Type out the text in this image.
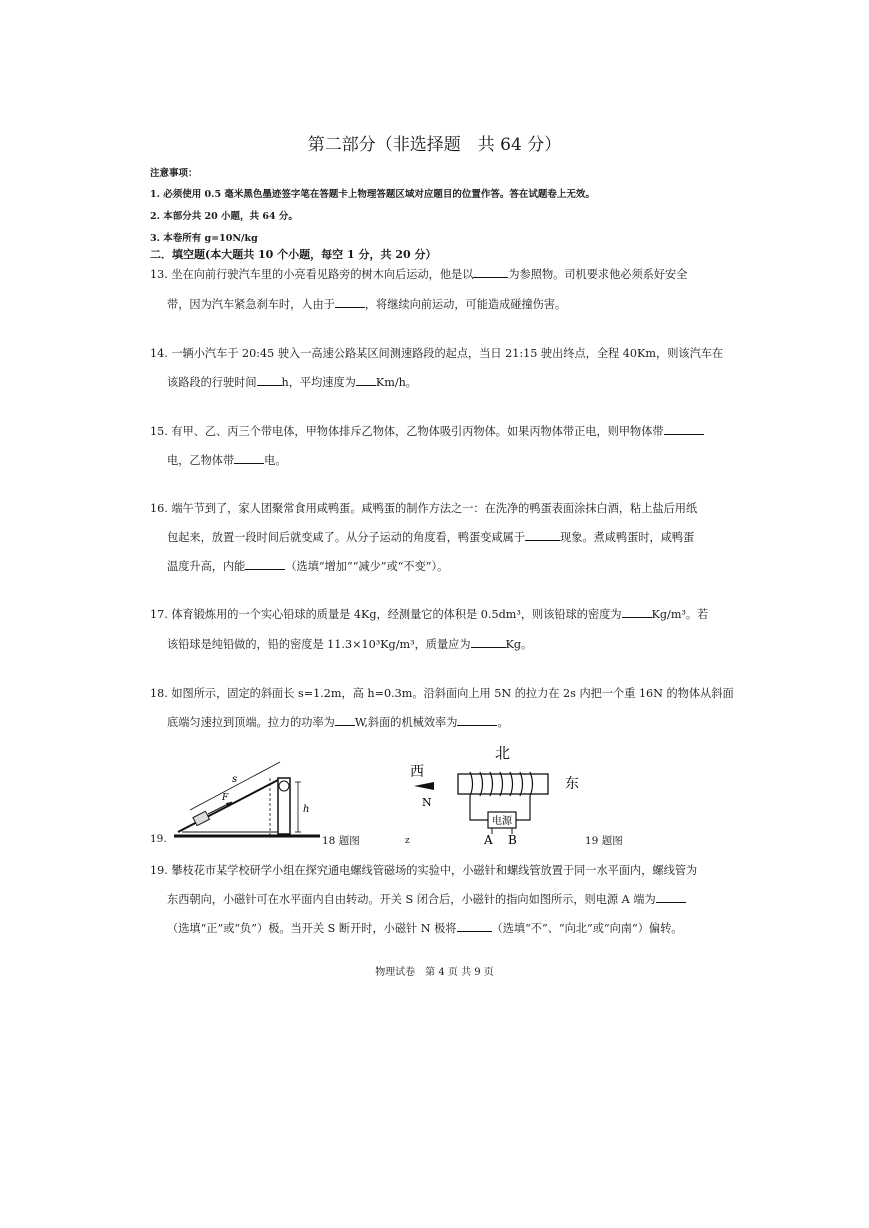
第二部分（非选择题　共 64 分）
注意事项：
1. 必须使用 0.5 毫米黑色墨迹签字笔在答题卡上物理答题区域对应题目的位置作答。答在试题卷上无效。
2. 本部分共 20 小题，共 64 分。
3. 本卷所有 g=10N/kg
二．填空题(本大题共 10 个小题，每空 1 分，共 20 分）
13. 坐在向前行驶汽车里的小亮看见路旁的树木向后运动，他是以	为参照物。司机要求他必须系好安全
带，因为汽车紧急刹车时，人由于	，将继续向前运动，可能造成碰撞伤害。
14. 一辆小汽车于 20:45 驶入一高速公路某区间测速路段的起点，当日 21:15 驶出终点，全程 40Km，则该汽车在
该路段的行驶时间 h，平均速度为 Km/h。
15. 有甲、乙、丙三个带电体，甲物体排斥乙物体，乙物体吸引丙物体。如果丙物体带正电，则甲物体带
电，乙物体带	电。
16. 端午节到了，家人团聚常食用咸鸭蛋。咸鸭蛋的制作方法之一：在洗净的鸭蛋表面涂抹白酒，粘上盐后用纸
包起来，放置一段时间后就变咸了。从分子运动的角度看，鸭蛋变咸属于	现象。煮咸鸭蛋时，咸鸭蛋
温度升高，内能	（选填“增加”“减少”或“不变”）。
17. 体育锻炼用的一个实心铅球的质量是 4Kg，经测量它的体积是 0.5dm³，则该铅球的密度为	Kg/m³。若
该铅球是纯铅做的，铅的密度是 11.3×10³Kg/m³，质量应为	Kg。
18. 如图所示，固定的斜面长 s=1.2m，高 h=0.3m。沿斜面向上用 5N 的拉力在 2s 内把一个重 16N 的物体从斜面
底端匀速拉到顶端。拉力的功率为 W,斜面的机械效率为	。
h
s
F
19.	18 题图	z
北
西
东
N
电源
A B	19 题图
19. 攀枝花市某学校研学小组在探究通电螺线管磁场的实验中，小磁针和螺线管放置于同一水平面内，螺线管为
东西朝向，小磁针可在水平面内自由转动。开关 S 闭合后，小磁针的指向如图所示，则电源 A 端为
（选填“正”或“负”）极。当开关 S 断开时，小磁针 N 极将	（选填“不”、“向北”或“向南”）偏转。
物理试卷　第 4 页 共 9 页
